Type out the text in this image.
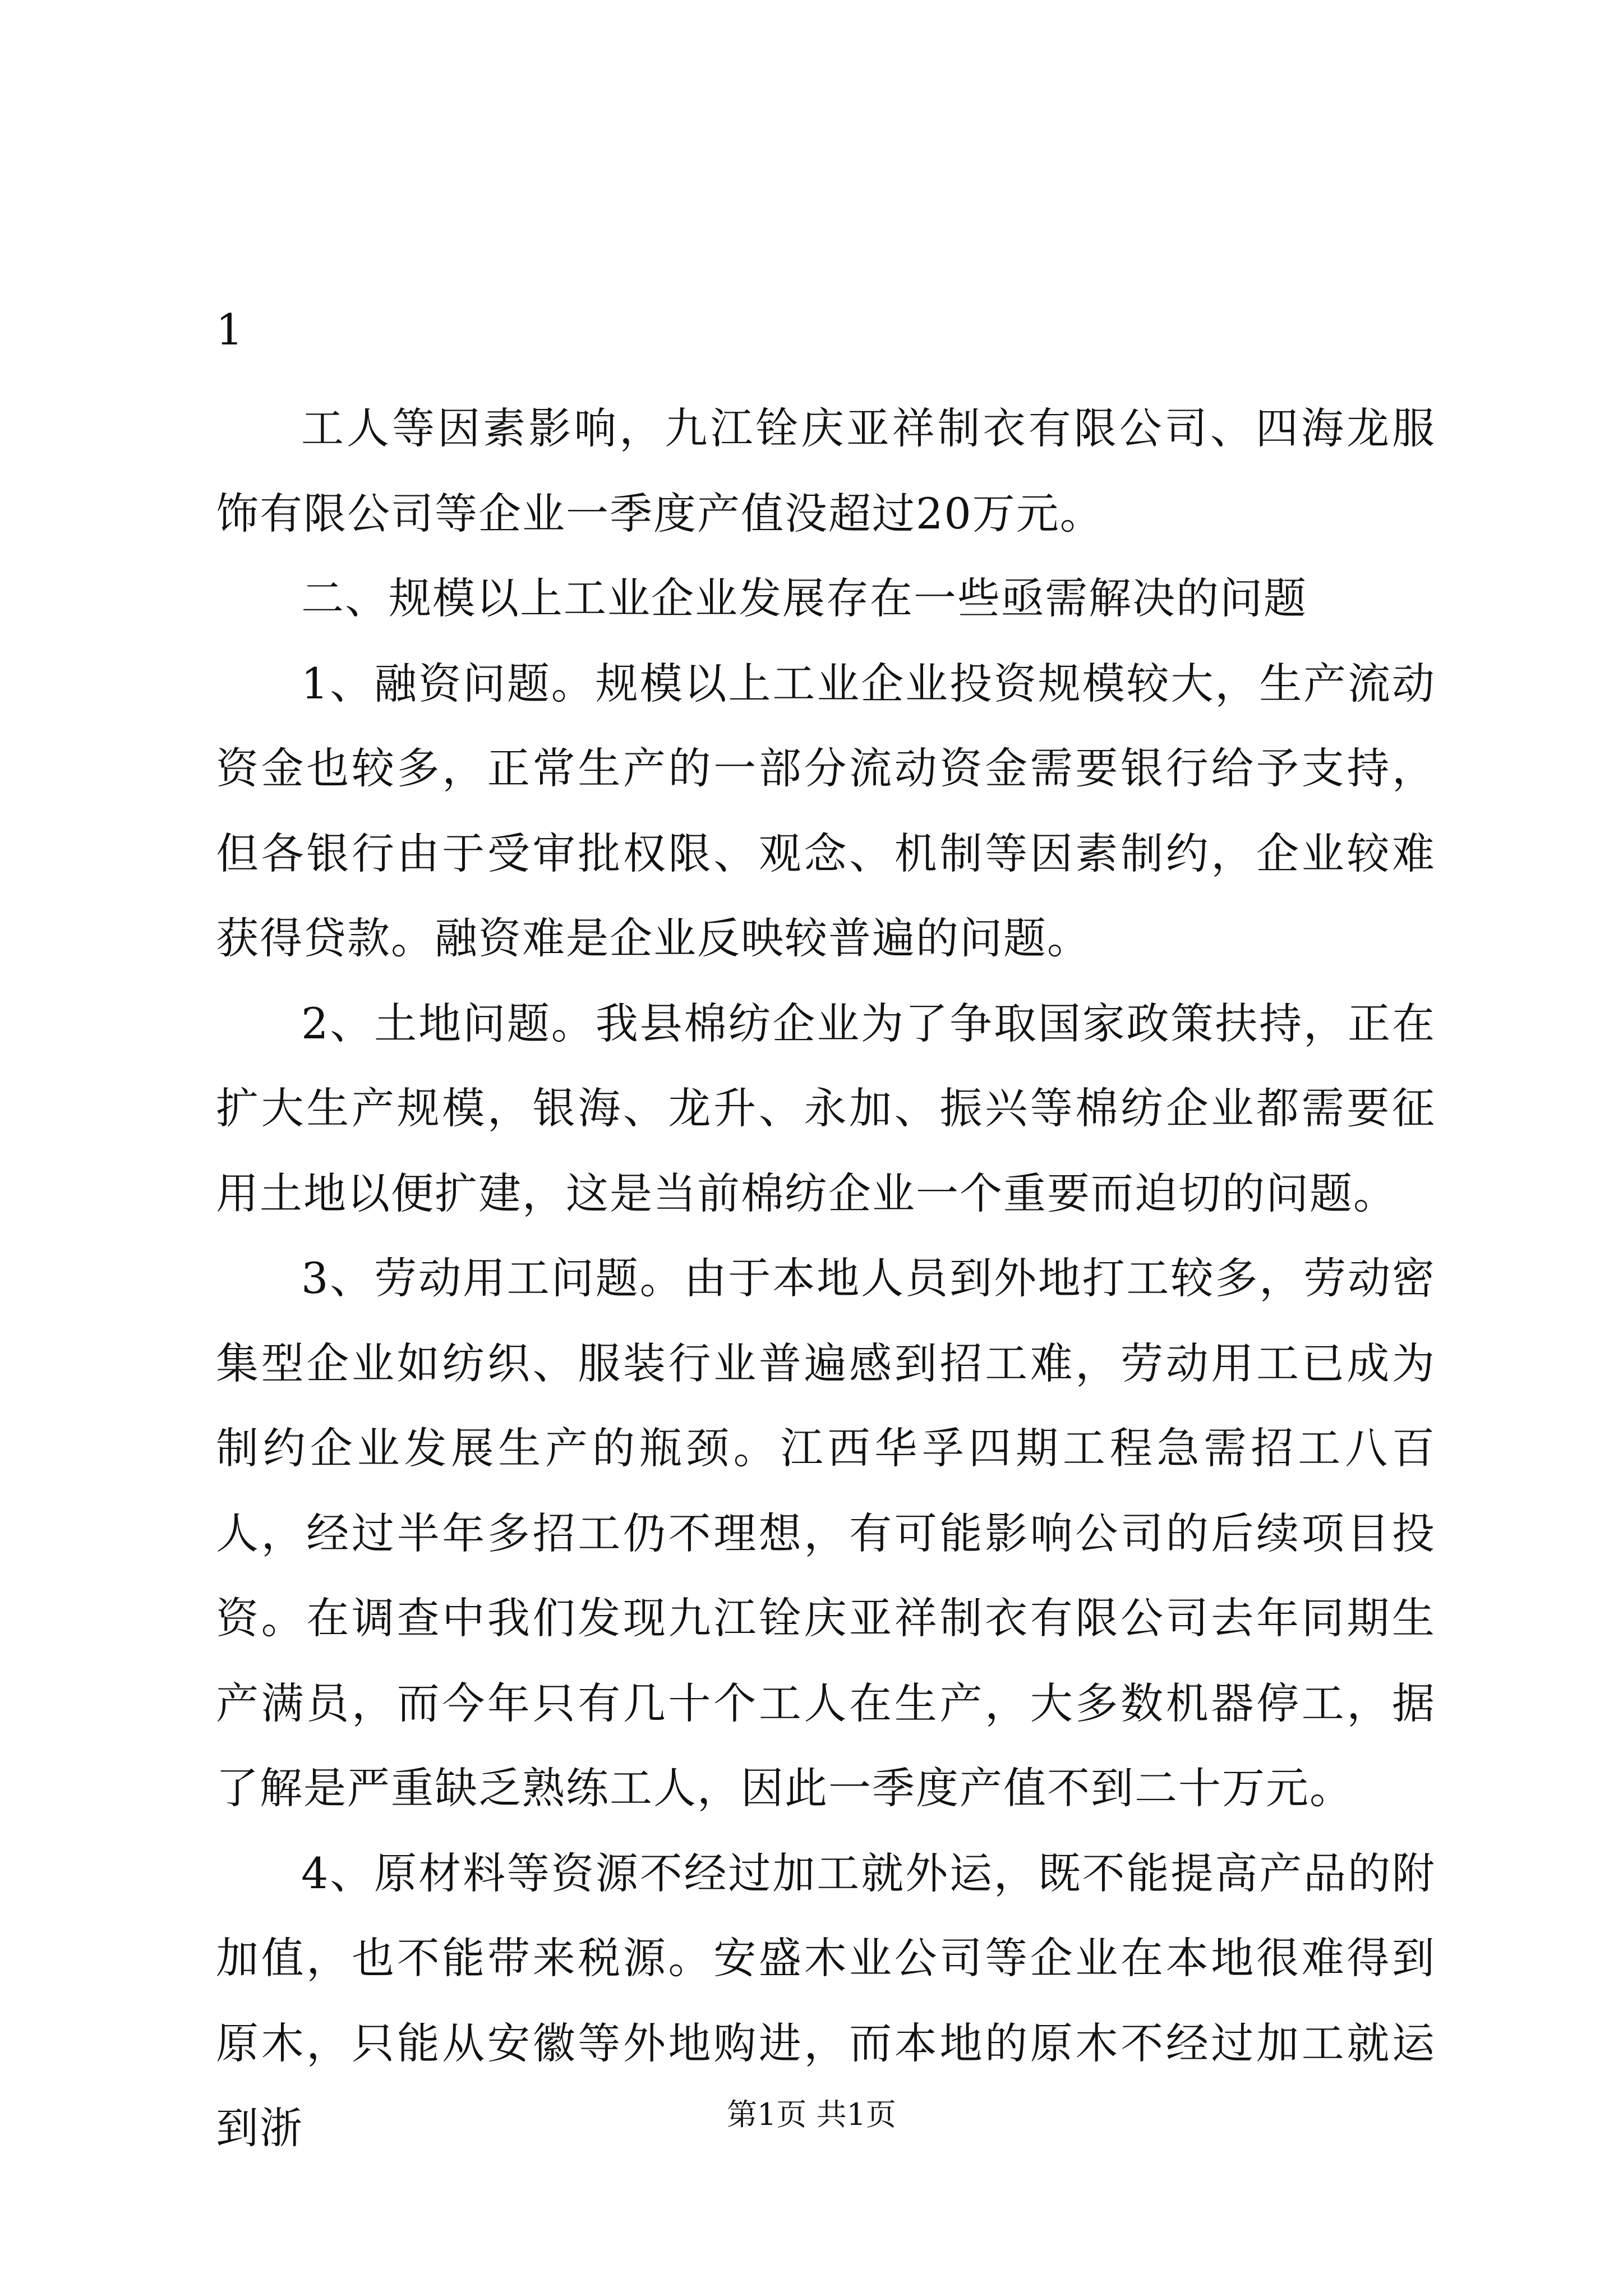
1

工人等因素影响，九江铨庆亚祥制衣有限公司、四海龙服饰有限公司等企业一季度产值没超过20万元。

二、规模以上工业企业发展存在一些亟需解决的问题

1、融资问题。规模以上工业企业投资规模较大，生产流动资金也较多，正常生产的一部分流动资金需要银行给予支持，但各银行由于受审批权限、观念、机制等因素制约，企业较难获得贷款。融资难是企业反映较普遍的问题。

2、土地问题。我县棉纺企业为了争取国家政策扶持，正在扩大生产规模，银海、龙升、永加、振兴等棉纺企业都需要征用土地以便扩建，这是当前棉纺企业一个重要而迫切的问题。

3、劳动用工问题。由于本地人员到外地打工较多，劳动密集型企业如纺织、服装行业普遍感到招工难，劳动用工已成为制约企业发展生产的瓶颈。江西华孚四期工程急需招工八百人，经过半年多招工仍不理想，有可能影响公司的后续项目投资。在调查中我们发现九江铨庆亚祥制衣有限公司去年同期生产满员，而今年只有几十个工人在生产，大多数机器停工，据了解是严重缺乏熟练工人，因此一季度产值不到二十万元。

4、原材料等资源不经过加工就外运，既不能提高产品的附加值，也不能带来税源。安盛木业公司等企业在本地很难得到原木，只能从安徽等外地购进，而本地的原木不经过加工就运到浙	第1页 共1页
